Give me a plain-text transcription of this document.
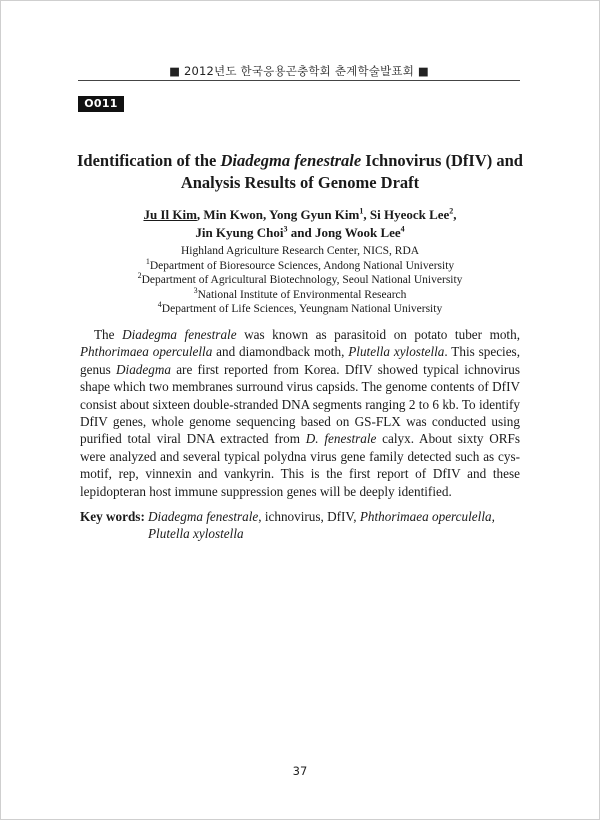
■ 2012년도 한국응용곤충학회 춘계학술발표회 ■
O011
Identification of the Diadegma fenestrale Ichnovirus (DfIV) and
Analysis Results of Genome Draft
Ju Il Kim, Min Kwon, Yong Gyun Kim$^1$, Si Hyeock Lee$^2$,
Jin Kyung Choi$^3$ and Jong Wook Lee$^4$
Highland Agriculture Research Center, NICS, RDA
$^1$Department of Bioresource Sciences, Andong National University
$^2$Department of Agricultural Biotechnology, Seoul National University
$^3$National Institute of Environmental Research
$^4$Department of Life Sciences, Yeungnam National University
The Diadegma fenestrale was known as parasitoid on potato tuber moth, Phthorimaea operculella and diamondback moth, Plutella xylostella. This species, genus Diadegma are first reported from Korea. DfIV showed typical ichnovirus shape which two membranes surround virus capsids. The genome contents of DfIV consist about sixteen double-stranded DNA segments ranging 2 to 6 kb. To identify DfIV genes, whole genome sequencing based on GS-FLX was conducted using purified total viral DNA extracted from D. fenestrale calyx. About sixty ORFs were analyzed and several typical polydna virus gene family detected such as cys-motif, rep, vinnexin and vankyrin. This is the first report of DfIV and these lepidopteran host immune suppression genes will be deeply identified.
Key words: Diadegma fenestrale, ichnovirus, DfIV, Phthorimaea operculella,
Plutella xylostella
37
